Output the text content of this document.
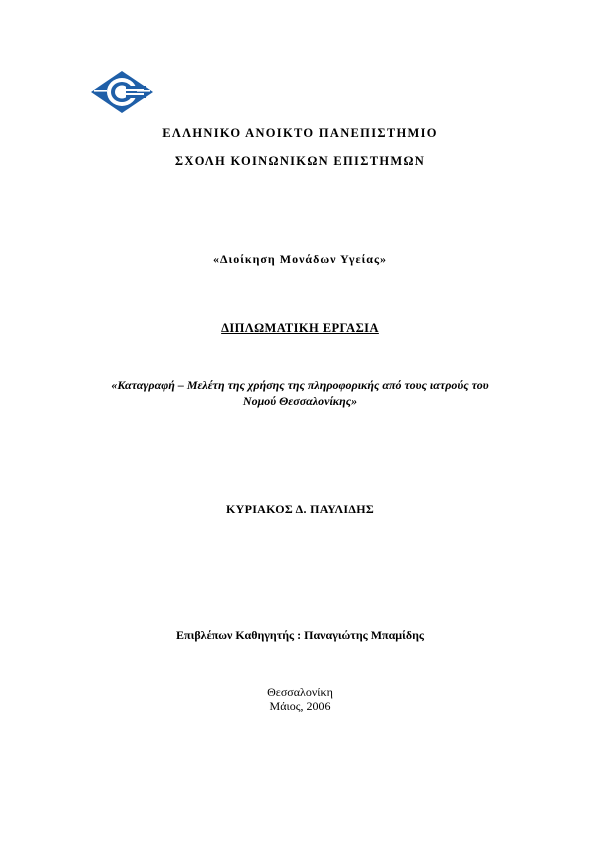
ΕΛΛΗΝΙΚΟ ΑΝΟΙΚΤΟ ΠΑΝΕΠΙΣΤΗΜΙΟ
ΣΧΟΛΗ ΚΟΙΝΩΝΙΚΩΝ ΕΠΙΣΤΗΜΩΝ
«Διοίκηση Μονάδων Υγείας»
ΔΙΠΛΩΜΑΤΙΚΗ ΕΡΓΑΣΙΑ
«Καταγραφή – Μελέτη της χρήσης της πληροφορικής από τους ιατρούς του
Νομού Θεσσαλονίκης»
ΚΥΡΙΑΚΟΣ Δ. ΠΑΥΛΙΔΗΣ
Επιβλέπων Καθηγητής : Παναγιώτης Μπαμίδης
Θεσσαλονίκη
Μάιος, 2006
